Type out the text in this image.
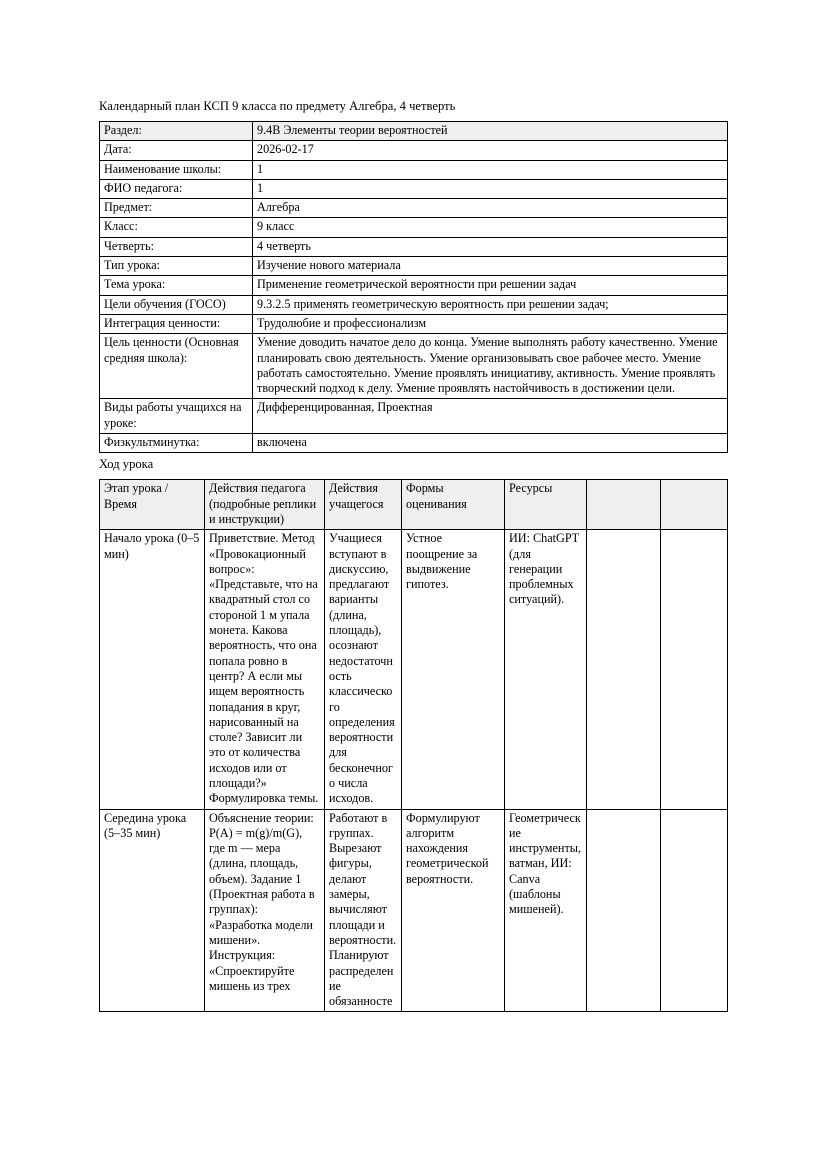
Календарный план КСП 9 класса по предмету Алгебра, 4 четверть
Раздел:	9.4В Элементы теории вероятностей
Дата:	2026-02-17
Наименование школы:	1
ФИО педагога:	1
Предмет:	Алгебра
Класс:	9 класс
Четверть:	4 четверть
Тип урока:	Изучение нового материала
Тема урока:	Применение геометрической вероятности при решении задач
Цели обучения (ГОСО)	9.3.2.5 применять геометрическую вероятность при решении задач;
Интеграция ценности:	Трудолюбие и профессионализм
Цель ценности (Основная средняя школа):	Умение доводить начатое дело до конца. Умение выполнять работу качественно. Умение планировать свою деятельность. Умение организовывать свое рабочее место. Умение работать самостоятельно. Умение проявлять инициативу, активность. Умение проявлять творческий подход к делу. Умение проявлять настойчивость в достижении цели.
Виды работы учащихся на уроке:	Дифференцированная, Проектная
Физкультминутка:	включена
Ход урока
Этап урока / Время	Действия педагога (подробные реплики и инструкции)	Действия учащегося	Формы оценивания	Ресурсы		
Начало урока (0–5 мин)	Приветствие. Метод «Провокационный вопрос»: «Представьте, что на квадратный стол со стороной 1 м упала монета. Какова вероятность, что она попала ровно в центр? А если мы ищем вероятность попадания в круг, нарисованный на столе? Зависит ли это от количества исходов или от площади?» Формулировка темы.	Учащиеся вступают в дискуссию, предлагают варианты (длина, площадь), осознают недостаточность классического определения вероятности для бесконечного числа исходов.	Устное поощрение за выдвижение гипотез.	ИИ: ChatGPT (для генерации проблемных ситуаций).		
Середина урока (5–35 мин)	Объяснение теории: P(A) = m(g)/m(G), где m — мера (длина, площадь, объем). Задание 1 (Проектная работа в группах): «Разработка модели мишени». Инструкция: «Спроектируйте мишень из трех	Работают в группах. Вырезают фигуры, делают замеры, вычисляют площади и вероятности. Планируют распределение обязанносте	Формулируют алгоритм нахождения геометрической вероятности.	Геометрические инструменты, ватман, ИИ: Canva (шаблоны мишеней).		
